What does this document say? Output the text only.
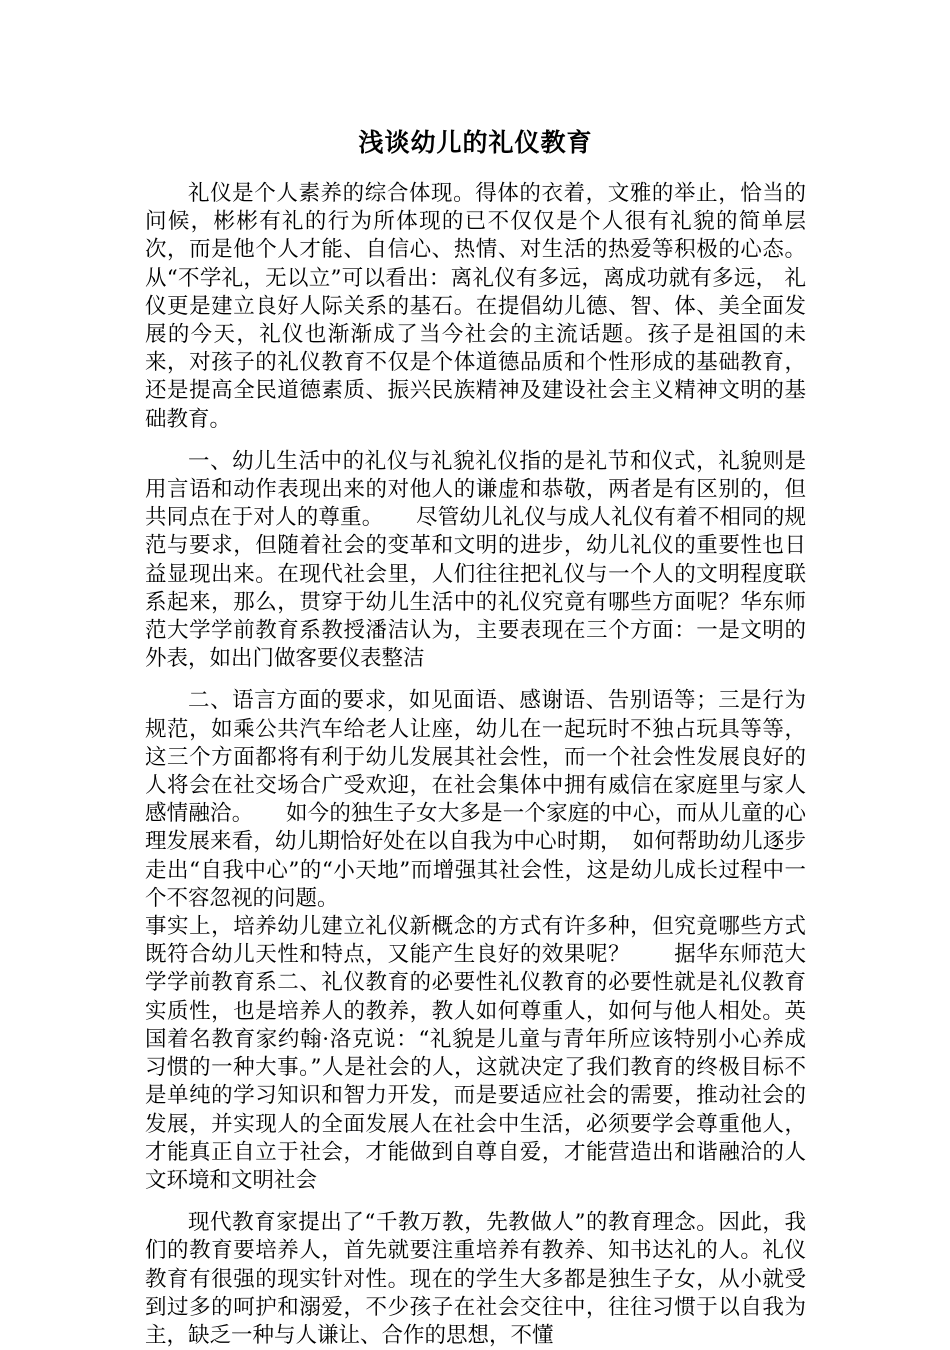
浅谈幼儿的礼仪教育

礼仪是个人素养的综合体现。得体的衣着，文雅的举止，恰当的问候，彬彬有礼的行为所体现的已不仅仅是个人很有礼貌的简单层次，而是他个人才能、自信心、热情、对生活的热爱等积极的心态。从“不学礼，无以立”可以看出：离礼仪有多远，离成功就有多远， 礼仪更是建立良好人际关系的基石。在提倡幼儿德、智、体、美全面发展的今天，礼仪也渐渐成了当今社会的主流话题。孩子是祖国的未来，对孩子的礼仪教育不仅是个体道德品质和个性形成的基础教育，还是提高全民道德素质、振兴民族精神及建设社会主义精神文明的基础教育。

一、幼儿生活中的礼仪与礼貌礼仪指的是礼节和仪式，礼貌则是用言语和动作表现出来的对他人的谦虚和恭敬，两者是有区别的，但共同点在于对人的尊重。　　尽管幼儿礼仪与成人礼仪有着不相同的规范与要求，但随着社会的变革和文明的进步，幼儿礼仪的重要性也日益显现出来。在现代社会里，人们往往把礼仪与一个人的文明程度联系起来，那么，贯穿于幼儿生活中的礼仪究竟有哪些方面呢？华东师范大学学前教育系教授潘洁认为，主要表现在三个方面：一是文明的外表，如出门做客要仪表整洁

二、语言方面的要求，如见面语、感谢语、告别语等；三是行为规范，如乘公共汽车给老人让座，幼儿在一起玩时不独占玩具等等，这三个方面都将有利于幼儿发展其社会性，而一个社会性发展良好的人将会在社交场合广受欢迎，在社会集体中拥有威信在家庭里与家人感情融洽。　　如今的独生子女大多是一个家庭的中心，而从儿童的心理发展来看，幼儿期恰好处在以自我为中心时期，　如何帮助幼儿逐步走出“自我中心”的“小天地”而增强其社会性，这是幼儿成长过程中一个不容忽视的问题。

事实上，培养幼儿建立礼仪新概念的方式有许多种，但究竟哪些方式既符合幼儿天性和特点，又能产生良好的效果呢？　　据华东师范大学学前教育系二、礼仪教育的必要性礼仪教育的必要性就是礼仪教育实质性，也是培养人的教养，教人如何尊重人，如何与他人相处。英国着名教育家约翰·洛克说：“礼貌是儿童与青年所应该特别小心养成习惯的一种大事。”人是社会的人，这就决定了我们教育的终极目标不是单纯的学习知识和智力开发，而是要适应社会的需要，推动社会的发展，并实现人的全面发展人在社会中生活，必须要学会尊重他人，才能真正自立于社会，才能做到自尊自爱，才能营造出和谐融洽的人文环境和文明社会

现代教育家提出了“千教万教，先教做人”的教育理念。因此，我们的教育要培养人，首先就要注重培养有教养、知书达礼的人。礼仪教育有很强的现实针对性。现在的学生大多都是独生子女，从小就受到过多的呵护和溺爱，不少孩子在社会交往中，往往习惯于以自我为主，缺乏一种与人谦让、合作的思想，不懂
